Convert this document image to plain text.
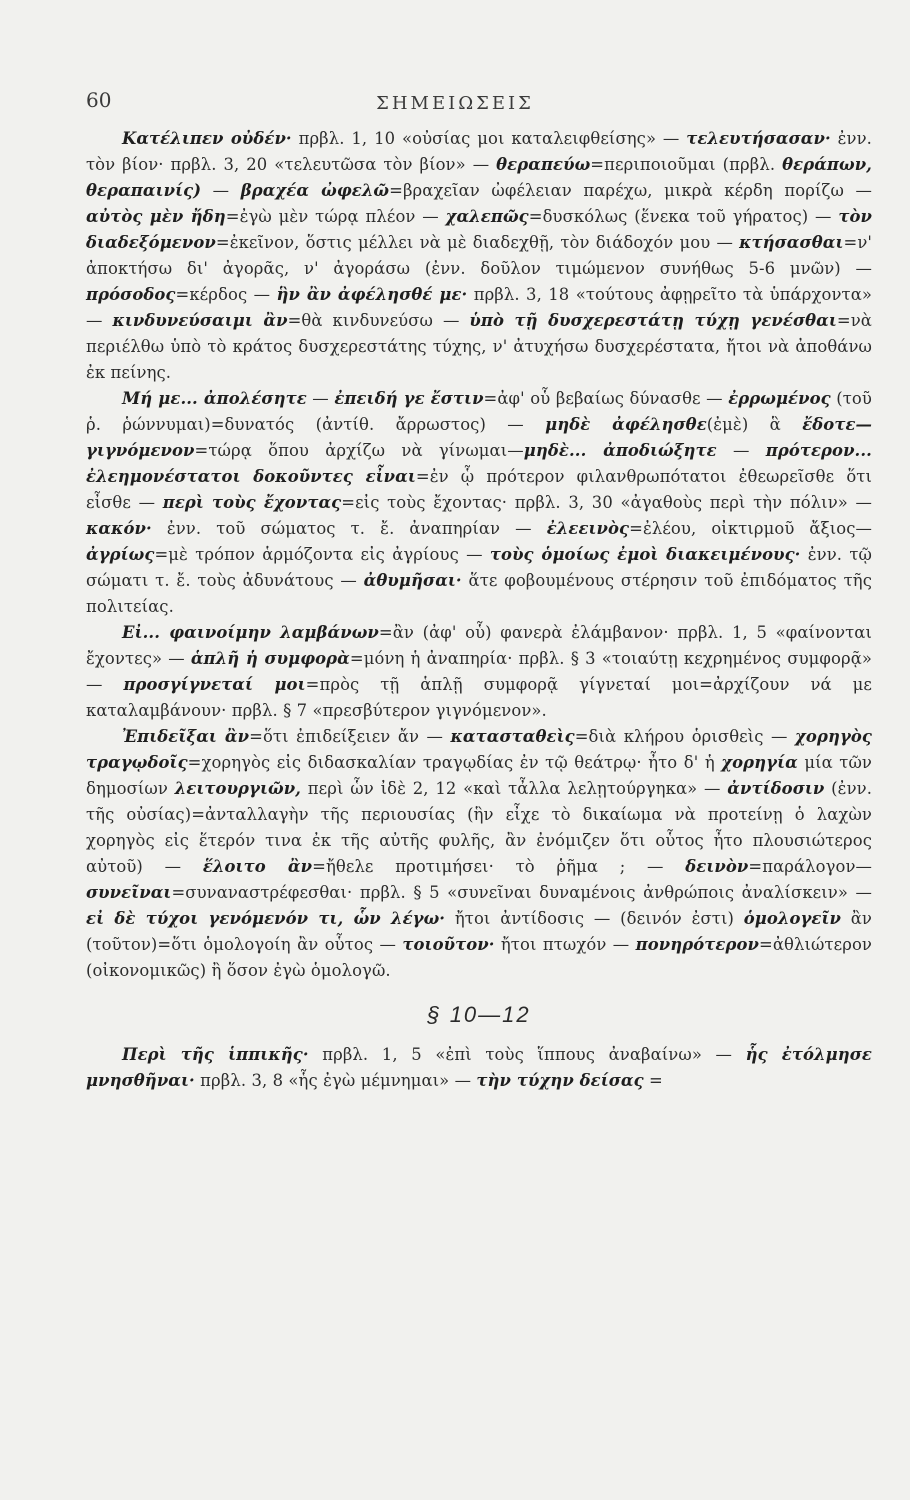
60	ΣΗΜΕΙΩΣΕΙΣ

Κατέλιπεν οὐδέν· πρβλ. 1, 10 «οὐσίας μοι καταλειφθείσης» — τελευτήσασαν· ἐνν. τὸν βίον· πρβλ. 3, 20 «τελευτῶσα τὸν βίον» — θεραπεύω=περιποιοῦμαι (πρβλ. θεράπων, θεραπαινίς) — βραχέα ὠφελῶ=βραχεῖαν ὠφέλειαν παρέχω, μικρὰ κέρδη πορίζω — αὐτὸς μὲν ἤδη=ἐγὼ μὲν τώρᾳ πλέον — χαλεπῶς=δυσκόλως (ἕνεκα τοῦ γήρατος) — τὸν διαδεξόμενον=ἐκεῖνον, ὅστις μέλλει νὰ μὲ διαδεχθῇ, τὸν διάδοχόν μου — κτήσασθαι=ν' ἀποκτήσω δι' ἀγορᾶς, ν' ἀγοράσω (ἐνν. δοῦλον τιμώμενον συνήθως 5-6 μνῶν) — πρόσοδος=κέρδος — ἣν ἂν ἀφέλησθέ με· πρβλ. 3, 18 «τούτους ἀφῃρεῖτο τὰ ὑπάρχοντα» — κινδυνεύσαιμι ἂν=θὰ κινδυνεύσω — ὑπὸ τῇ δυσχερεστάτῃ τύχῃ γενέσθαι=νὰ περιέλθω ὑπὸ τὸ κράτος δυσχερεστάτης τύχης, ν' ἀτυχήσω δυσχερέστατα, ἤτοι νὰ ἀποθάνω ἐκ πείνης.

Μή με... ἀπολέσητε — ἐπειδή γε ἔστιν=ἀφ' οὗ βεβαίως δύνασθε — ἐρρωμένος (τοῦ ῥ. ῥώννυμαι)=δυνατός (ἀντίθ. ἄρρωστος) — μηδὲ ἀφέλησθε(ἐμὲ) ἃ ἔδοτε—γιγνόμενον=τώρᾳ ὅπου ἀρχίζω νὰ γίνωμαι—μηδὲ... ἀποδιώξητε — πρότερον... ἐλεημονέστατοι δοκοῦντες εἶναι=ἐν ᾧ πρότερον φιλανθρωπότατοι ἐθεωρεῖσθε ὅτι εἶσθε — περὶ τοὺς ἔχοντας=εἰς τοὺς ἔχοντας· πρβλ. 3, 30 «ἀγαθοὺς περὶ τὴν πόλιν» — κακόν· ἐνν. τοῦ σώματος τ. ἔ. ἀναπηρίαν — ἐλεεινὸς=ἐλέου, οἰκτιρμοῦ ἄξιος— ἀγρίως=μὲ τρόπον ἁρμόζοντα εἰς ἀγρίους — τοὺς ὁμοίως ἐμοὶ διακειμένους· ἐνν. τῷ σώματι τ. ἔ. τοὺς ἀδυνάτους — ἀθυμῆσαι· ἅτε φοβουμένους στέρησιν τοῦ ἐπιδόματος τῆς πολιτείας.

Εἰ... φαινοίμην λαμβάνων=ἂν (ἀφ' οὗ) φανερὰ ἐλάμβανον· πρβλ. 1, 5 «φαίνονται ἔχοντες» — ἁπλῆ ἡ συμφορὰ=μόνη ἡ ἀναπηρία· πρβλ. § 3 «τοιαύτῃ κεχρημένος συμφορᾷ» — προσγίγνεταί μοι=πρὸς τῇ ἁπλῇ συμφορᾷ γίγνεταί μοι=ἀρχίζουν νά με καταλαμβάνουν· πρβλ. § 7 «πρεσβύτερον γιγνόμενον».

Ἐπιδεῖξαι ἂν=ὅτι ἐπιδείξειεν ἄν — κατασταθεὶς=διὰ κλήρου ὁρισθεὶς — χορηγὸς τραγῳδοῖς=χορηγὸς εἰς διδασκαλίαν τραγῳδίας ἐν τῷ θεάτρῳ· ἦτο δ' ἡ χορηγία μία τῶν δημοσίων λειτουργιῶν, περὶ ὧν ἰδὲ 2, 12 «καὶ τἆλλα λελῃτούργηκα» — ἀντίδοσιν (ἐνν. τῆς οὐσίας)=ἀνταλλαγὴν τῆς περιουσίας (ἣν εἶχε τὸ δικαίωμα νὰ προτείνῃ ὁ λαχὼν χορηγὸς εἰς ἕτερόν τινα ἐκ τῆς αὐτῆς φυλῆς, ἂν ἐνόμιζεν ὅτι οὗτος ἦτο πλουσιώτερος αὐτοῦ) — ἕλοιτο ἂν=ἤθελε προτιμήσει· τὸ ῥῆμα ; — δεινὸν=παράλογον— συνεῖναι=συναναστρέφεσθαι· πρβλ. § 5 «συνεῖναι δυναμένοις ἀνθρώποις ἀναλίσκειν» — εἰ δὲ τύχοι γενόμενόν τι, ὧν λέγω· ἤτοι ἀντίδοσις — (δεινόν ἐστι) ὁμολογεῖν ἂν (τοῦτον)=ὅτι ὁμολογοίη ἂν οὗτος — τοιοῦτον· ἤτοι πτωχόν — πονηρότερον=ἀθλιώτερον (οἰκονομικῶς) ἢ ὅσον ἐγὼ ὁμολογῶ.

§ 10—12

Περὶ τῆς ἱππικῆς· πρβλ. 1, 5 «ἐπὶ τοὺς ἵππους ἀναβαίνω» — ἧς ἐτόλμησε μνησθῆναι· πρβλ. 3, 8 «ἧς ἐγὼ μέμνημαι» — τὴν τύχην δείσας =
